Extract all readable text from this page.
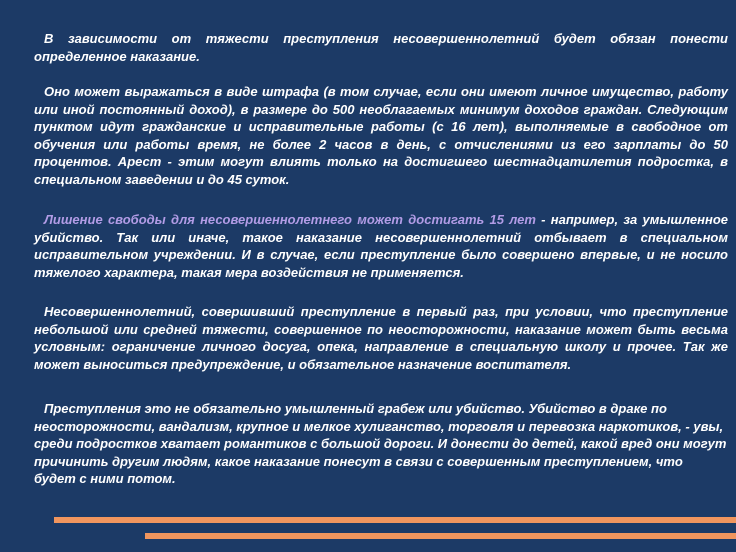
В зависимости от тяжести преступления несовершеннолетний будет обязан понести определенное наказание.

Оно может выражаться в виде штрафа (в том случае, если они имеют личное имущество, работу или иной постоянный доход), в размере до 500 необлагаемых минимум доходов граждан. Следующим пунктом идут гражданские и исправительные работы (с 16 лет), выполняемые в свободное от обучения или работы время, не более 2 часов в день, с отчислениями из его зарплаты до 50 процентов. Арест - этим могут влиять только на достигшего шестнадцатилетия подростка, в специальном заведении и до 45 суток.

Лишение свободы для несовершеннолетнего может достигать 15 лет - например, за умышленное убийство. Так или иначе, такое наказание несовершеннолетний отбывает в специальном исправительном учреждении. И в случае, если преступление было совершено впервые, и не носило тяжелого характера, такая мера воздействия не применяется.

Несовершеннолетний, совершивший преступление в первый раз, при условии, что преступление небольшой или средней тяжести, совершенное по неосторожности, наказание может быть весьма условным: ограничение личного досуга, опека, направление в специальную школу и прочее. Так же может выноситься предупреждение, и обязательное назначение воспитателя.

Преступления это не обязательно умышленный грабеж или убийство. Убийство в драке по неосторожности, вандализм, крупное и мелкое хулиганство, торговля и перевозка наркотиков, - увы, среди подростков хватает романтиков с большой дороги. И донести до детей, какой вред они могут причинить другим людям, какое наказание понесут в связи с совершенным преступлением, что будет с ними потом.
